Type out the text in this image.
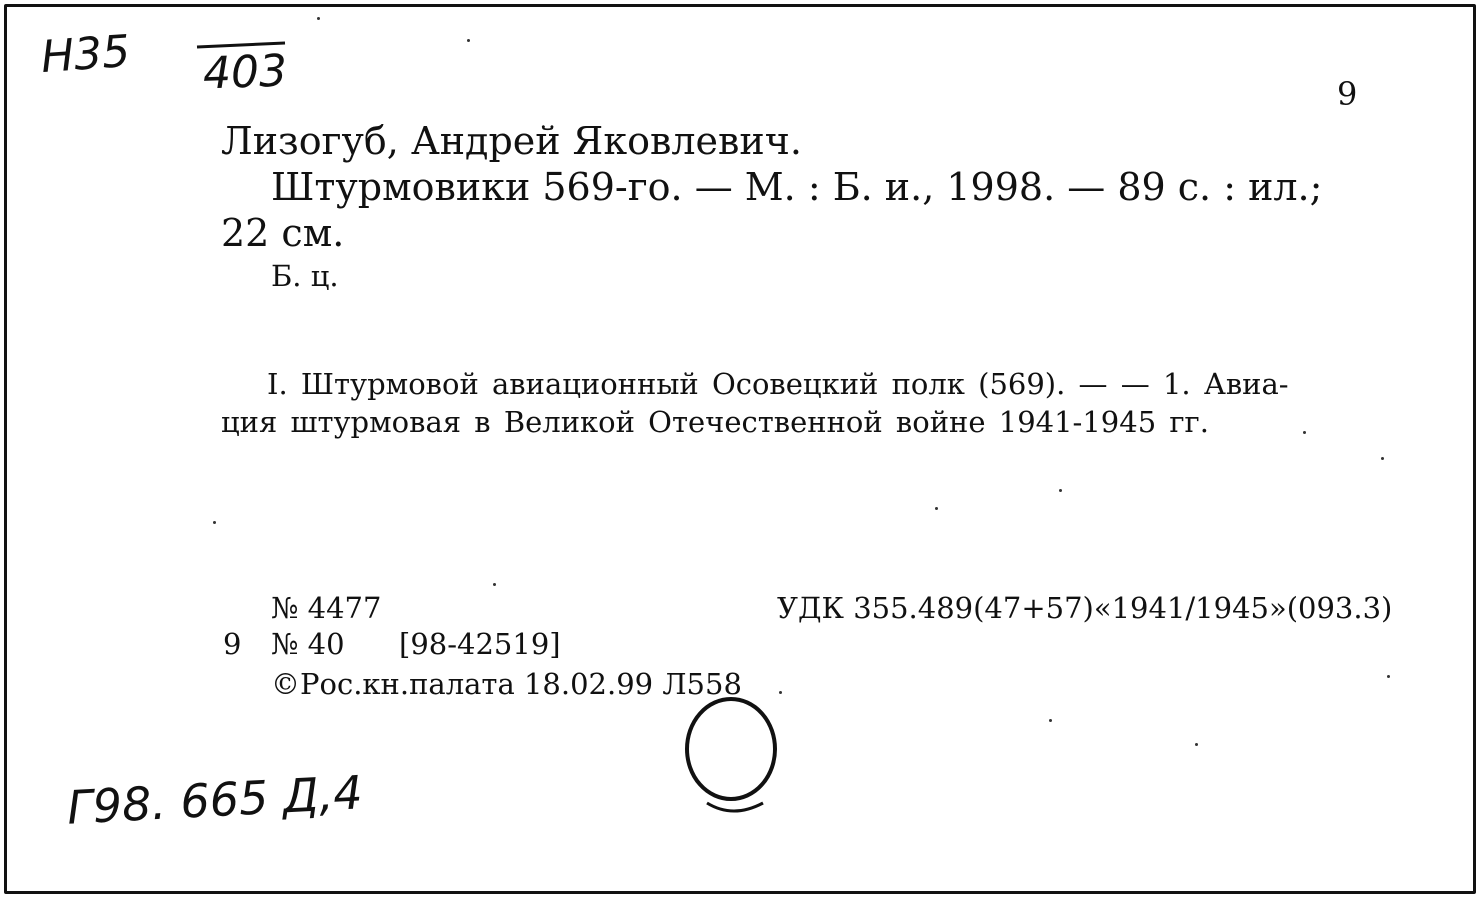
Н35 403	9
Лизогуб, Андрей Яковлевич.
Штурмовики 569-го. — М. : Б. и., 1998. — 89 с. : ил.;
22 см.
Б. ц.
I. Штурмовой авиационный Осовецкий полк (569). — — 1. Авиа-
ция штурмовая в Великой Отечественной войне 1941-1945 гг.
№ 4477	УДК 355.489(47+57)«1941/1945»(093.3)
9 № 40 [98-42519]
©Рос.кн.палата 18.02.99 Л558
Г98. 665 Д,4
